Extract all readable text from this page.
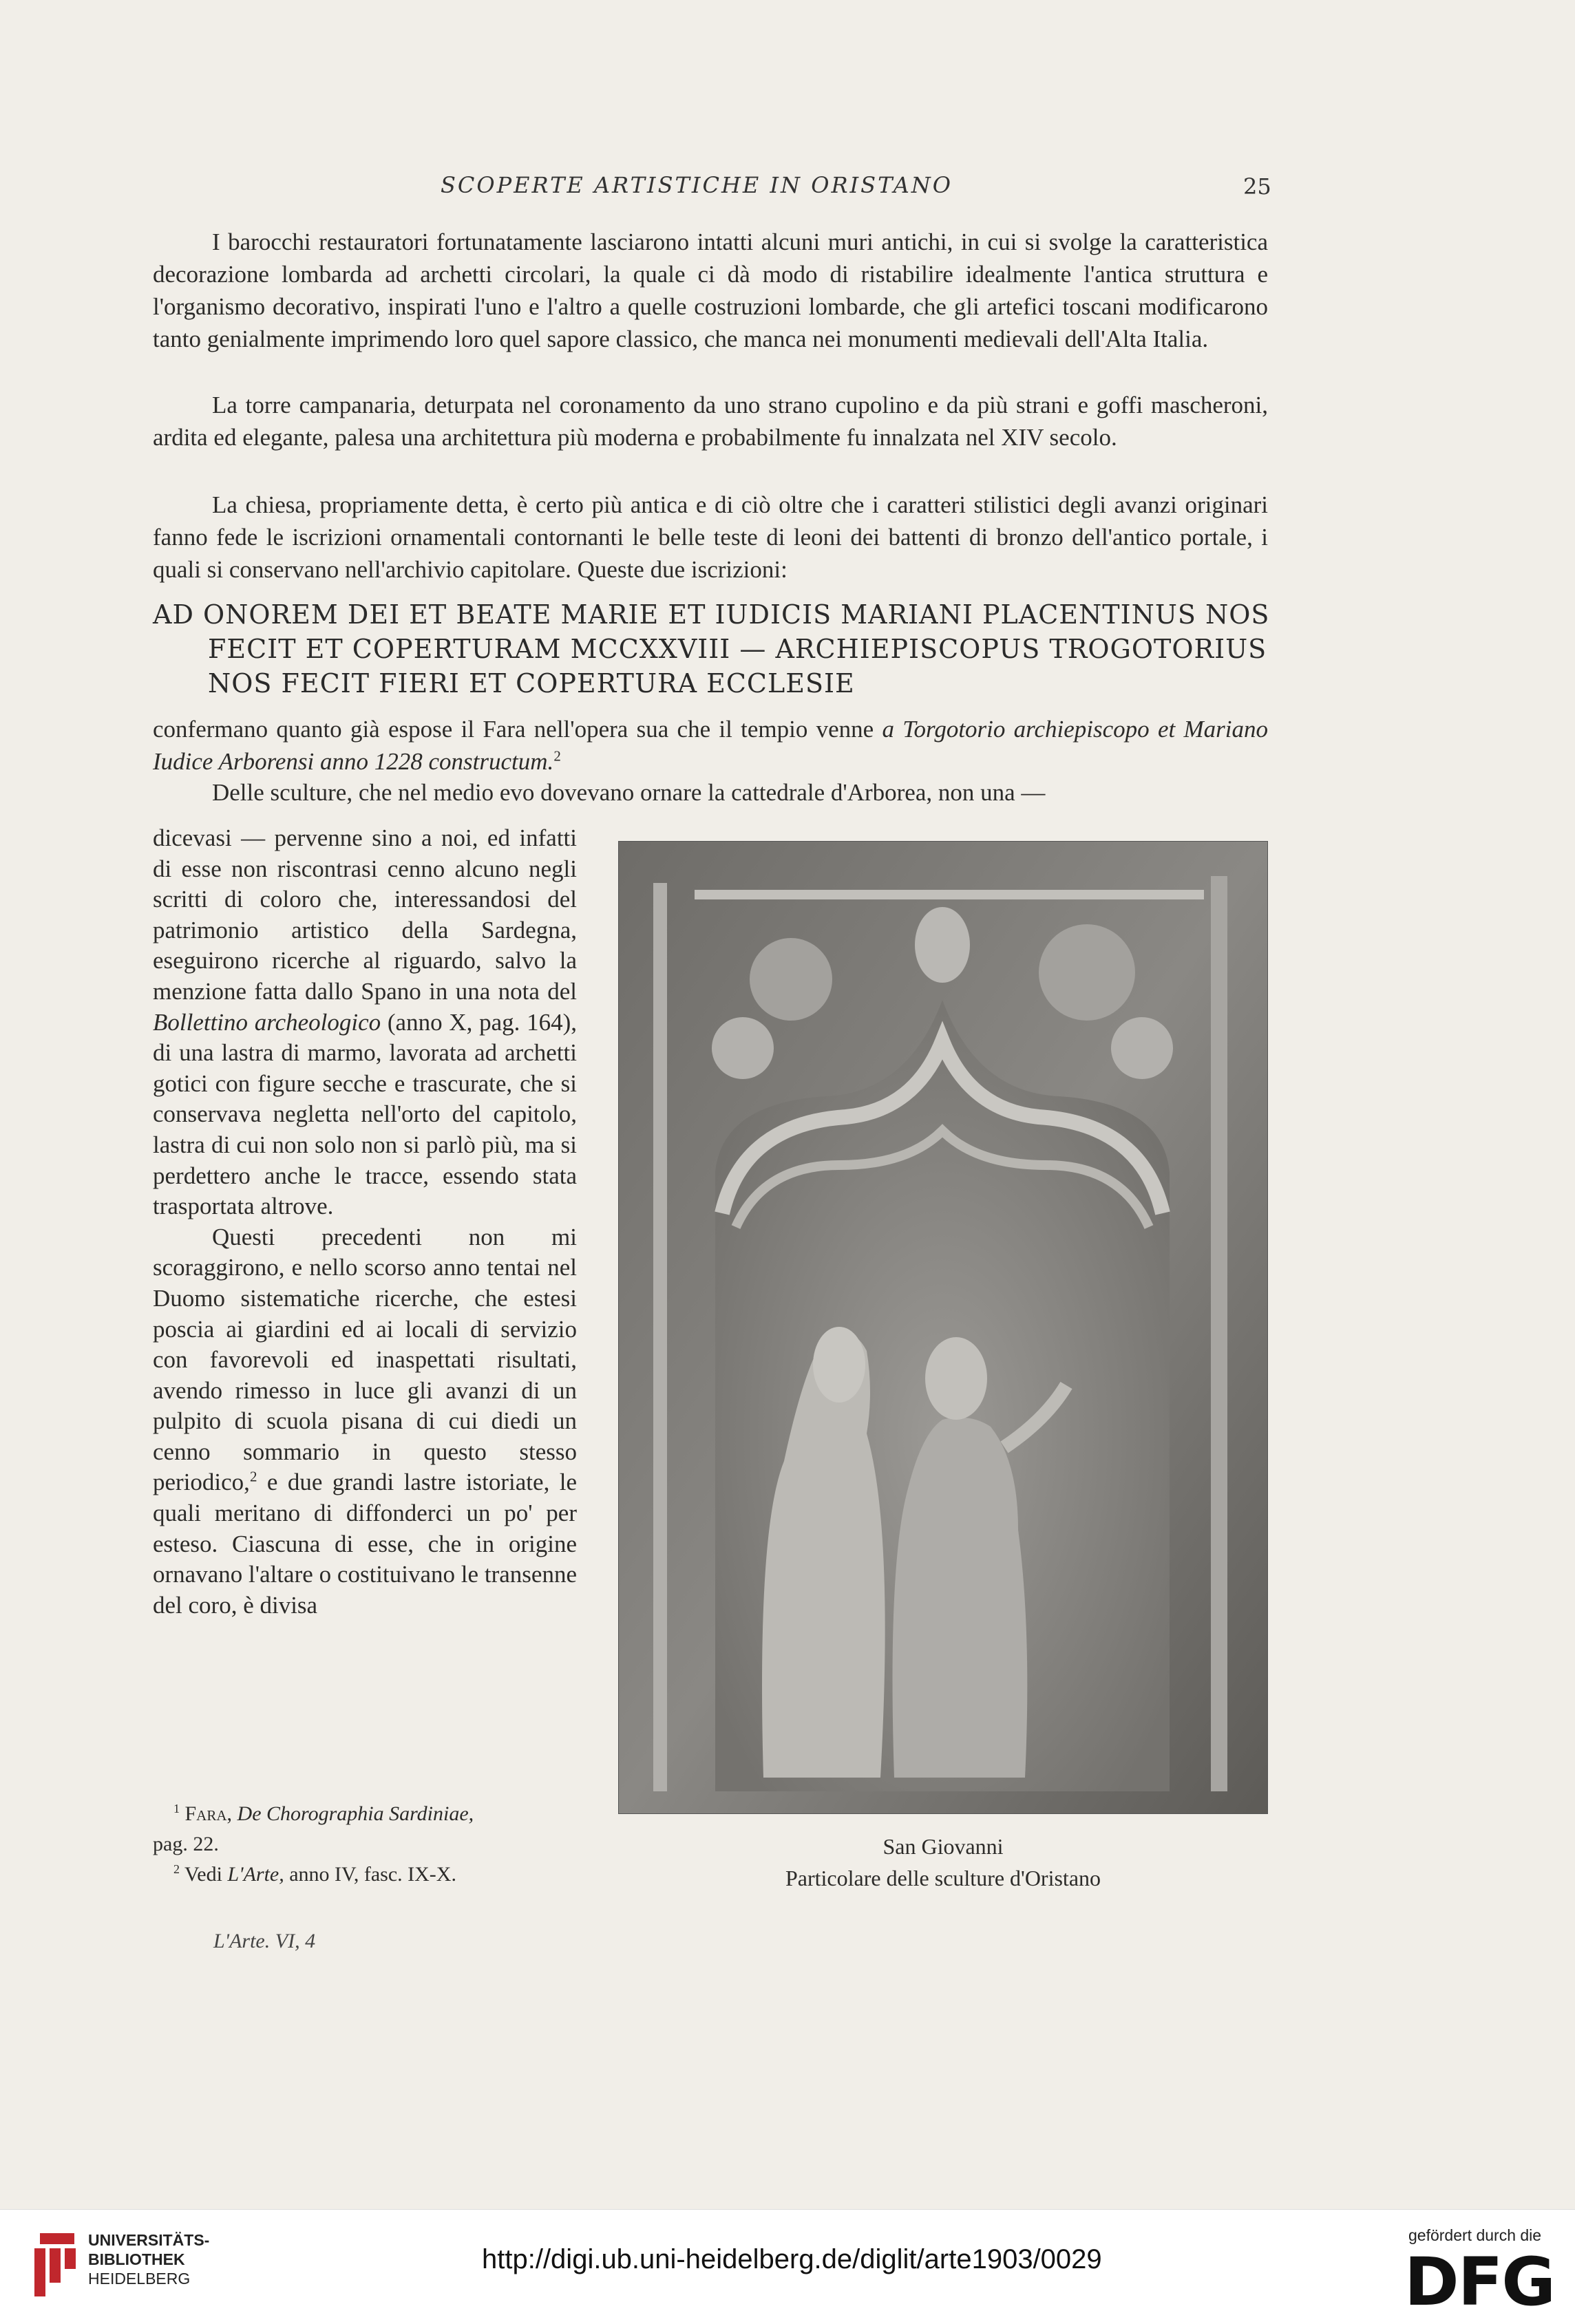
SCOPERTE ARTISTICHE IN ORISTANO	25

I barocchi restauratori fortunatamente lasciarono intatti alcuni muri antichi, in cui si svolge la caratteristica decorazione lombarda ad archetti circolari, la quale ci dà modo di ristabilire idealmente l'antica struttura e l'organismo decorativo, inspirati l'uno e l'altro a quelle costruzioni lombarde, che gli artefici toscani modificarono tanto genialmente imprimendo loro quel sapore classico, che manca nei monumenti medievali dell'Alta Italia.

La torre campanaria, deturpata nel coronamento da uno strano cupolino e da più strani e goffi mascheroni, ardita ed elegante, palesa una architettura più moderna e probabilmente fu innalzata nel XIV secolo.

La chiesa, propriamente detta, è certo più antica e di ciò oltre che i caratteri stilistici degli avanzi originari fanno fede le iscrizioni ornamentali contornanti le belle teste di leoni dei battenti di bronzo dell'antico portale, i quali si conservano nell'archivio capitolare. Queste due iscrizioni:

AD ONOREM DEI ET BEATE MARIE ET IUDICIS MARIANI PLACENTINUS NOS
FECIT ET COPERTURAM MCCXXVIII — ARCHIEPISCOPUS TROGOTORIUS
NOS FECIT FIERI ET COPERTURA ECCLESIE

confermano quanto già espose il Fara nell'opera sua che il tempio venne a Torgotorio archiepiscopo et Mariano Iudice Arborensi anno 1228 constructum.$^2$

Delle sculture, che nel medio evo dovevano ornare la cattedrale d'Arborea, non una —

dicevasi — pervenne sino a noi, ed infatti di esse non riscontrasi cenno alcuno negli scritti di coloro che, interessandosi del patrimonio artistico della Sardegna, eseguirono ricerche al riguardo, salvo la menzione fatta dallo Spano in una nota del Bollettino archeologico (anno X, pag. 164), di una lastra di marmo, lavorata ad archetti gotici con figure secche e trascurate, che si conservava negletta nell'orto del capitolo, lastra di cui non solo non si parlò più, ma si perdettero anche le tracce, essendo stata trasportata altrove.
Questi precedenti non mi scoraggirono, e nello scorso anno tentai nel Duomo sistematiche ricerche, che estesi poscia ai giardini ed ai locali di servizio con favorevoli ed inaspettati risultati, avendo rimesso in luce gli avanzi di un pulpito di scuola pisana di cui diedi un cenno sommario in questo stesso periodico,$^2$ e due grandi lastre istoriate, le quali meritano di diffonderci un po' per esteso. Ciascuna di esse, che in origine ornavano l'altare o costituivano le transenne del coro, è divisa

San Giovanni
Particolare delle sculture d'Oristano

$^1$ Fara, De Chorographia Sardiniae,
pag. 22.

$^2$ Vedi L'Arte, anno IV, fasc. IX-X.

L'Arte. VI, 4
UNIVERSITÄTS-
BIBLIOTHEK
HEIDELBERG
http://digi.ub.uni-heidelberg.de/diglit/arte1903/0029
gefördert durch die
DFG
